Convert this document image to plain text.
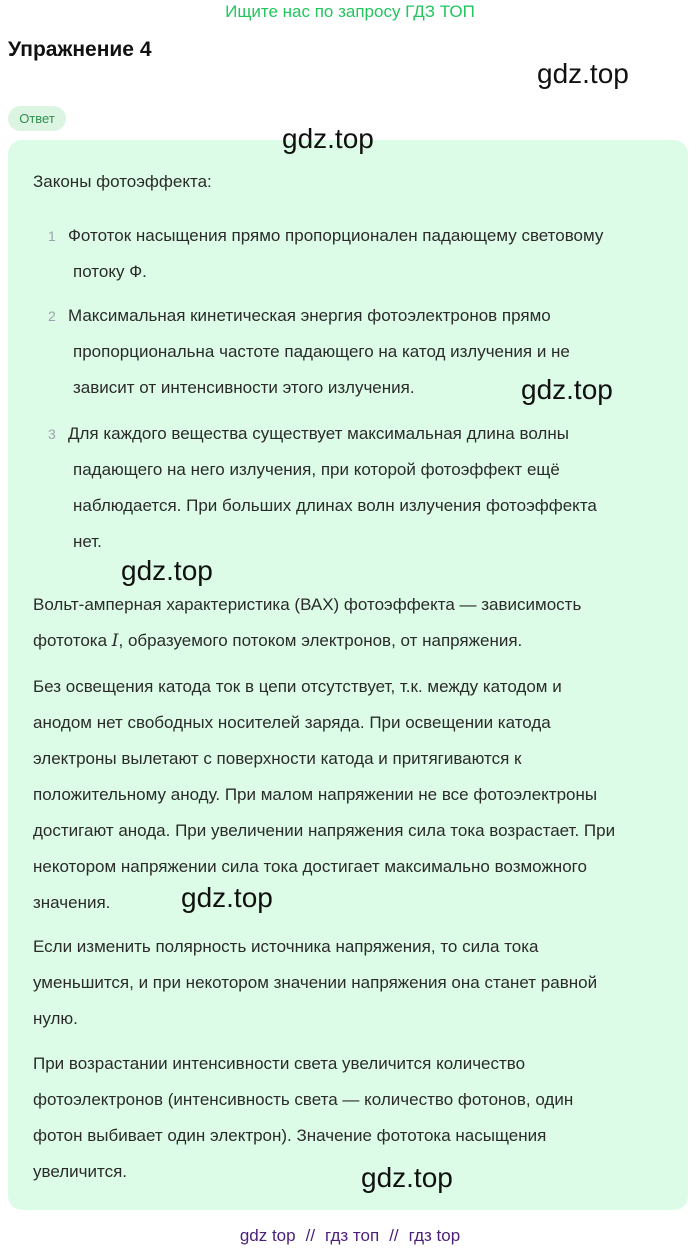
Ищите нас по запросу ГДЗ ТОП
Упражнение 4
Ответ
Законы фотоэффекта:
1 Фототок насыщения прямо пропорционален падающему световому
потоку Ф.
2 Максимальная кинетическая энергия фотоэлектронов прямо
пропорциональна частоте падающего на катод излучения и не
зависит от интенсивности этого излучения.
3 Для каждого вещества существует максимальная длина волны
падающего на него излучения, при которой фотоэффект ещё
наблюдается. При больших длинах волн излучения фотоэффекта
нет.
Вольт-амперная характеристика (ВАХ) фотоэффекта — зависимость
фототока I, образуемого потоком электронов, от напряжения.
Без освещения катода ток в цепи отсутствует, т.к. между катодом и
анодом нет свободных носителей заряда. При освещении катода
электроны вылетают с поверхности катода и притягиваются к
положительному аноду. При малом напряжении не все фотоэлектроны
достигают анода. При увеличении напряжения сила тока возрастает. При
некотором напряжении сила тока достигает максимально возможного
значения.
Если изменить полярность источника напряжения, то сила тока
уменьшится, и при некотором значении напряжения она станет равной
нулю.
При возрастании интенсивности света увеличится количество
фотоэлектронов (интенсивность света — количество фотонов, один
фотон выбивает один электрон). Значение фототока насыщения
увеличится.
gdz.top
gdz.top
gdz.top
gdz.top
gdz.top
gdz.top
gdz top // гдз топ // гдз top
